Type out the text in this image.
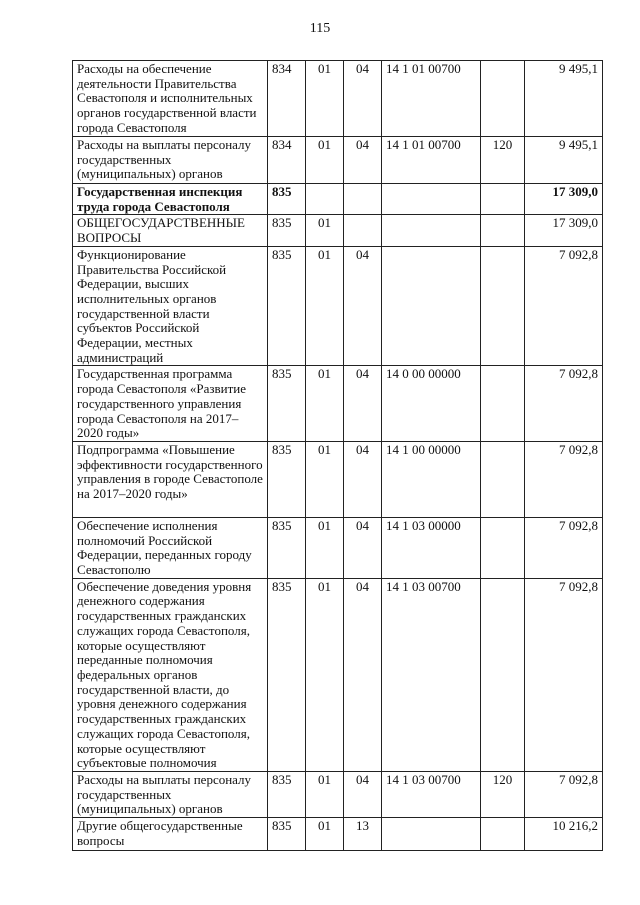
115
Расходы на обеспечение деятельности Правительства Севастополя и исполнительных органов государственной власти города Севастополя	834	01	04	14 1 01 00700		9 495,1
Расходы на выплаты персоналу государственных (муниципальных) органов	834	01	04	14 1 01 00700	120	9 495,1
Государственная инспекция труда города Севастополя	835					17 309,0
ОБЩЕГОСУДАРСТВЕННЫЕ ВОПРОСЫ	835	01				17 309,0
Функционирование Правительства Российской Федерации, высших исполнительных органов государственной власти субъектов Российской Федерации, местных администраций	835	01	04			7 092,8
Государственная программа города Севастополя «Развитие государственного управления города Севастополя на 2017–2020 годы»	835	01	04	14 0 00 00000		7 092,8
Подпрограмма «Повышение эффективности государственного управления в городе Севастополе на 2017–2020 годы»	835	01	04	14 1 00 00000		7 092,8
Обеспечение исполнения полномочий Российской Федерации, переданных городу Севастополю	835	01	04	14 1 03 00000		7 092,8
Обеспечение доведения уровня денежного содержания государственных гражданских служащих города Севастополя, которые осуществляют переданные полномочия федеральных органов государственной власти, до уровня денежного содержания государственных гражданских служащих города Севастополя, которые осуществляют субъектовые полномочия	835	01	04	14 1 03 00700		7 092,8
Расходы на выплаты персоналу государственных (муниципальных) органов	835	01	04	14 1 03 00700	120	7 092,8
Другие общегосударственные вопросы	835	01	13			10 216,2
